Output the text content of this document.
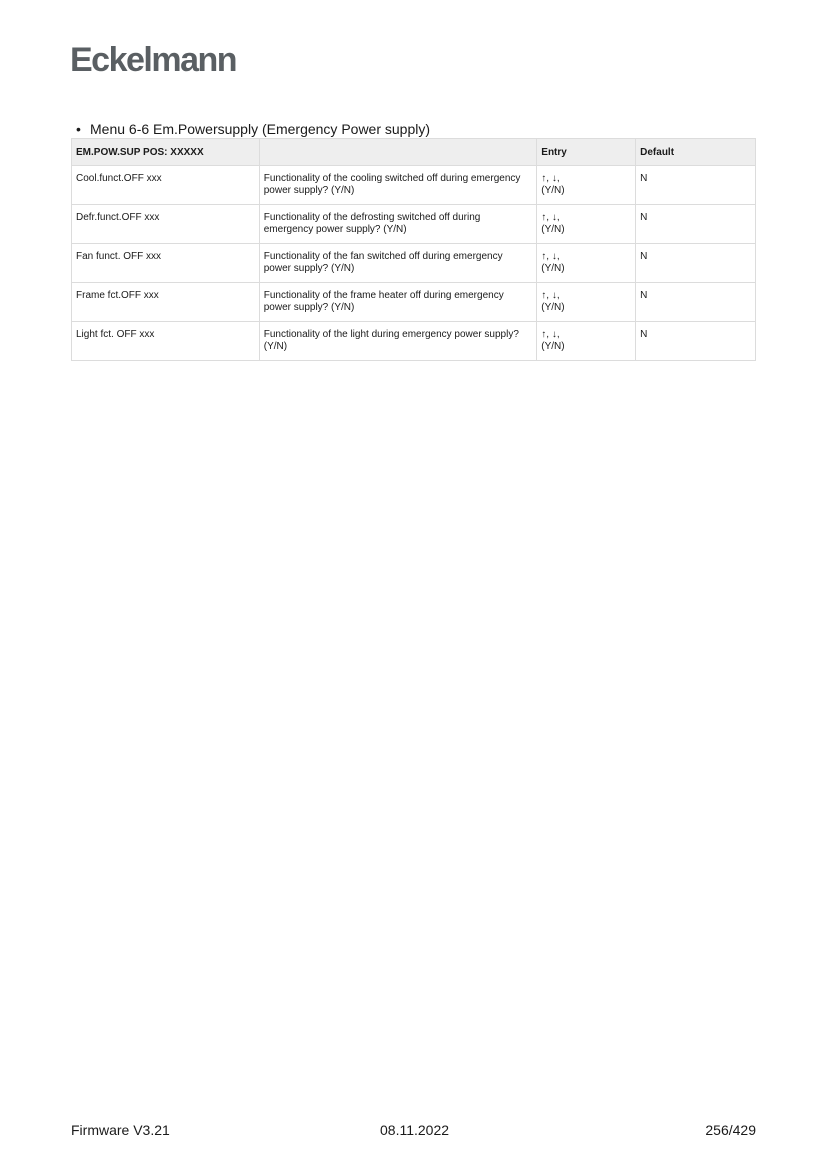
Eckelmann
• Menu 6-6 Em.Powersupply (Emergency Power supply)
EM.POW.SUP POS: XXXXX		Entry	Default
Cool.funct.OFF xxx	Functionality of the cooling switched off during emergency power supply? (Y/N)	↑, ↓,
(Y/N)	N
Defr.funct.OFF xxx	Functionality of the defrosting switched off during emergency power supply? (Y/N)	↑, ↓,
(Y/N)	N
Fan funct. OFF xxx	Functionality of the fan switched off during emergency power supply? (Y/N)	↑, ↓,
(Y/N)	N
Frame fct.OFF xxx	Functionality of the frame heater off during emergency power supply? (Y/N)	↑, ↓,
(Y/N)	N
Light fct. OFF xxx	Functionality of the light during emergency power supply? (Y/N)	↑, ↓,
(Y/N)	N
Firmware V3.21	08.11.2022	256/429
